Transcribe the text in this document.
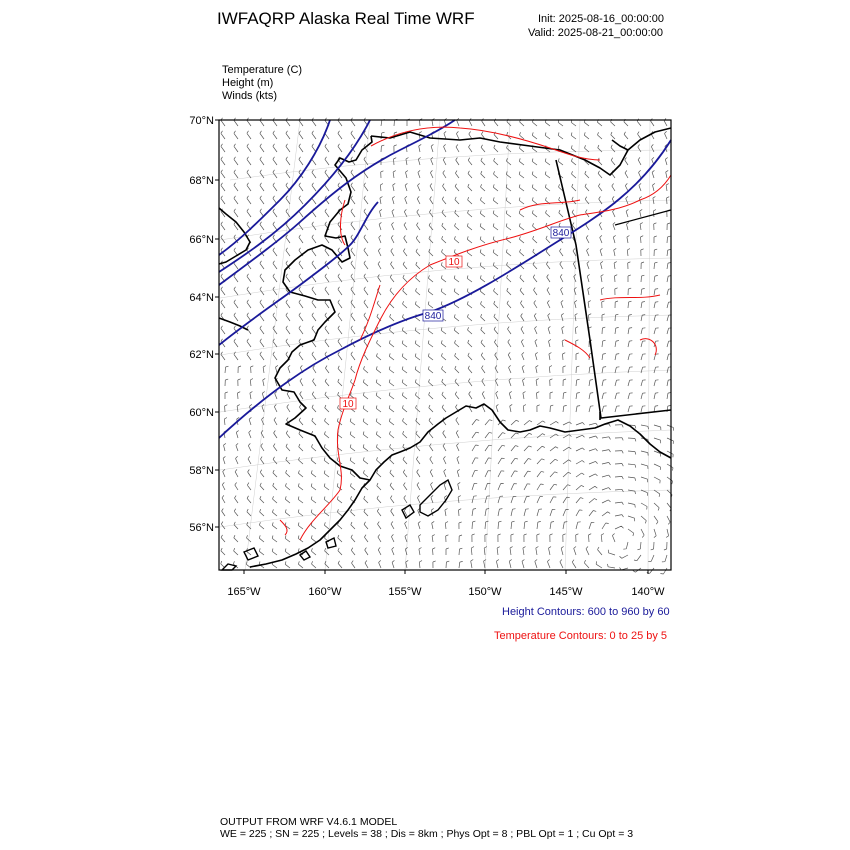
IWFAQRP Alaska Real Time WRF	Init: 2025-08-16_00:00:00
Valid: 2025-08-21_00:00:00
Temperature (C)
Height (m)
Winds (kts)
840
840
10
10
70°N
68°N
66°N
64°N
62°N
60°N
58°N
56°N
165°W	160°W	155°W	150°W	145°W	140°W
Height Contours: 600 to 960 by 60
Temperature Contours: 0 to 25 by 5
OUTPUT FROM WRF V4.6.1 MODEL
WE = 225 ; SN = 225 ; Levels = 38 ; Dis = 8km ; Phys Opt = 8 ; PBL Opt = 1 ; Cu Opt = 3
